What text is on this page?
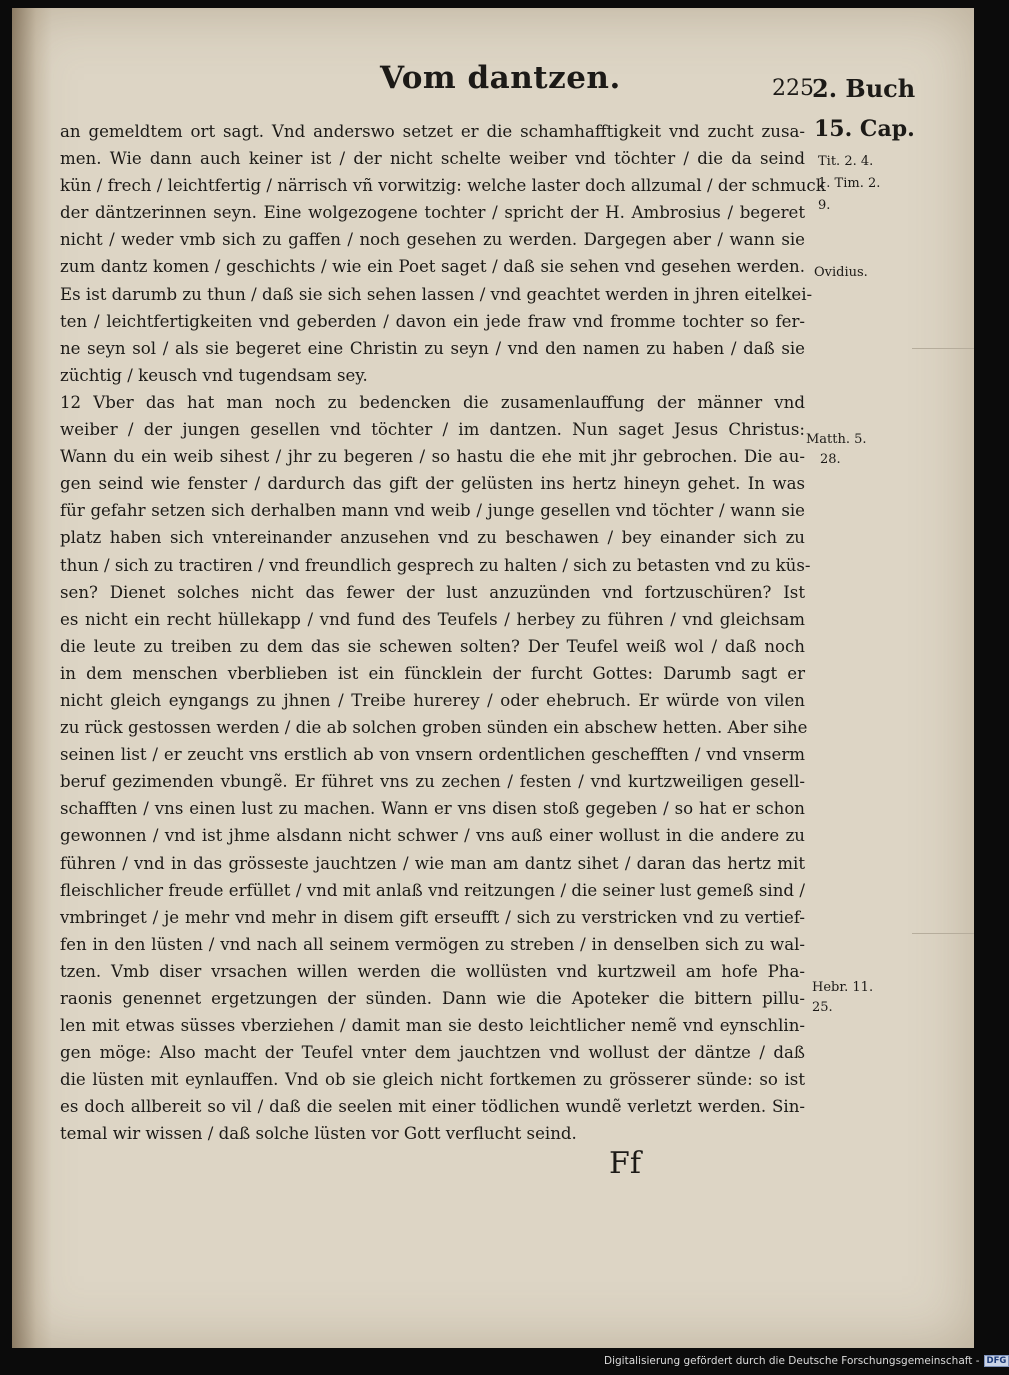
Vom dantzen.	225
2. Buch
15. Cap.
Tit. 2. 4.
1. Tim. 2.
9.
Ovidius.
Matth. 5.
28.
Hebr. 11.
25.
an gemeldtem ort sagt. Vnd anderswo setzet er die schamhafftigkeit vnd zucht zusa-
men. Wie dann auch keiner ist / der nicht schelte weiber vnd töchter / die da seind
kün / frech / leichtfertig / närrisch vñ vorwitzig: welche laster doch allzumal / der schmuck
der däntzerinnen seyn. Eine wolgezogene tochter / spricht der H. Ambrosius / begeret
nicht / weder vmb sich zu gaffen / noch gesehen zu werden. Dargegen aber / wann sie
zum dantz komen / geschichts / wie ein Poet saget / daß sie sehen vnd gesehen werden.
Es ist darumb zu thun / daß sie sich sehen lassen / vnd geachtet werden in jhren eitelkei-
ten / leichtfertigkeiten vnd geberden / davon ein jede fraw vnd fromme tochter so fer-
ne seyn sol / als sie begeret eine Christin zu seyn / vnd den namen zu haben / daß sie
züchtig / keusch vnd tugendsam sey.
12 Vber das hat man noch zu bedencken die zusamenlauffung der männer vnd
weiber / der jungen gesellen vnd töchter / im dantzen. Nun saget Jesus Christus:
Wann du ein weib sihest / jhr zu begeren / so hastu die ehe mit jhr gebrochen. Die au-
gen seind wie fenster / dardurch das gift der gelüsten ins hertz hineyn gehet. In was
für gefahr setzen sich derhalben mann vnd weib / junge gesellen vnd töchter / wann sie
platz haben sich vntereinander anzusehen vnd zu beschawen / bey einander sich zu
thun / sich zu tractiren / vnd freundlich gesprech zu halten / sich zu betasten vnd zu küs-
sen? Dienet solches nicht das fewer der lust anzuzünden vnd fortzuschüren? Ist
es nicht ein recht hüllekapp / vnd fund des Teufels / herbey zu führen / vnd gleichsam
die leute zu treiben zu dem das sie schewen solten? Der Teufel weiß wol / daß noch
in dem menschen vberblieben ist ein füncklein der furcht Gottes: Darumb sagt er
nicht gleich eyngangs zu jhnen / Treibe hurerey / oder ehebruch. Er würde von vilen
zu rück gestossen werden / die ab solchen groben sünden ein abschew hetten. Aber sihe
seinen list / er zeucht vns erstlich ab von vnsern ordentlichen geschefften / vnd vnserm
beruf gezimenden vbungẽ. Er führet vns zu zechen / festen / vnd kurtzweiligen gesell-
schafften / vns einen lust zu machen. Wann er vns disen stoß gegeben / so hat er schon
gewonnen / vnd ist jhme alsdann nicht schwer / vns auß einer wollust in die andere zu
führen / vnd in das grösseste jauchtzen / wie man am dantz sihet / daran das hertz mit
fleischlicher freude erfüllet / vnd mit anlaß vnd reitzungen / die seiner lust gemeß sind /
vmbringet / je mehr vnd mehr in disem gift erseufft / sich zu verstricken vnd zu vertief-
fen in den lüsten / vnd nach all seinem vermögen zu streben / in denselben sich zu wal-
tzen. Vmb diser vrsachen willen werden die wollüsten vnd kurtzweil am hofe Pha-
raonis genennet ergetzungen der sünden. Dann wie die Apoteker die bittern pillu-
len mit etwas süsses vberziehen / damit man sie desto leichtlicher nemẽ vnd eynschlin-
gen möge: Also macht der Teufel vnter dem jauchtzen vnd wollust der däntze / daß
die lüsten mit eynlauffen. Vnd ob sie gleich nicht fortkemen zu grösserer sünde: so ist
es doch allbereit so vil / daß die seelen mit einer tödlichen wundẽ verletzt werden. Sin-
temal wir wissen / daß solche lüsten vor Gott verflucht seind.
Ff
Digitalisierung gefördert durch die Deutsche Forschungsgemeinschaft - DFG
